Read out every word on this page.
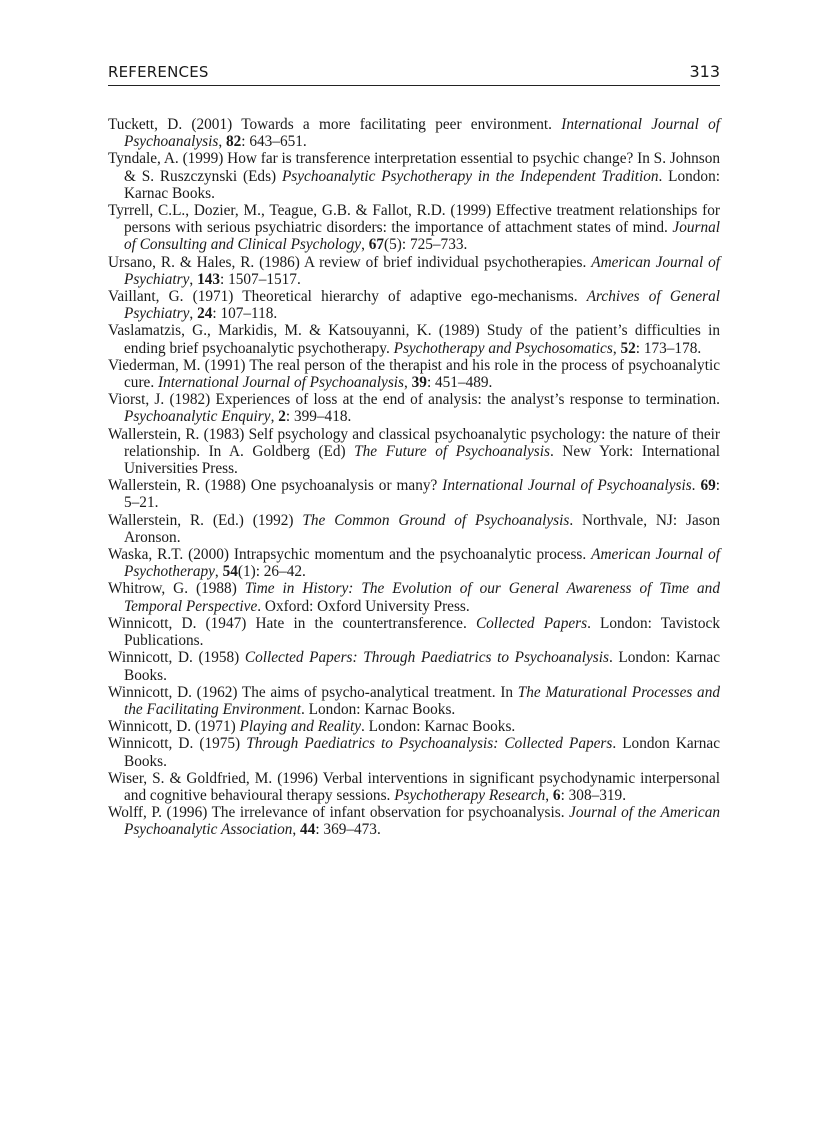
REFERENCES	313

Tuckett, D. (2001) Towards a more facilitating peer environment. International Journal of Psychoanalysis, 82: 643–651.

Tyndale, A. (1999) How far is transference interpretation essential to psychic change? In S. Johnson & S. Ruszczynski (Eds) Psychoanalytic Psychotherapy in the Independent Tradition. London: Karnac Books.

Tyrrell, C.L., Dozier, M., Teague, G.B. & Fallot, R.D. (1999) Effective treatment relationships for persons with serious psychiatric disorders: the importance of attachment states of mind. Journal of Consulting and Clinical Psychology, 67(5): 725–733.

Ursano, R. & Hales, R. (1986) A review of brief individual psychotherapies. American Journal of Psychiatry, 143: 1507–1517.

Vaillant, G. (1971) Theoretical hierarchy of adaptive ego-mechanisms. Archives of General Psychiatry, 24: 107–118.

Vaslamatzis, G., Markidis, M. & Katsouyanni, K. (1989) Study of the patient’s difficulties in ending brief psychoanalytic psychotherapy. Psychotherapy and Psychosomatics, 52: 173–178.

Viederman, M. (1991) The real person of the therapist and his role in the process of psychoanalytic cure. International Journal of Psychoanalysis, 39: 451–489.

Viorst, J. (1982) Experiences of loss at the end of analysis: the analyst’s response to termination. Psychoanalytic Enquiry, 2: 399–418.

Wallerstein, R. (1983) Self psychology and classical psychoanalytic psychology: the nature of their relationship. In A. Goldberg (Ed) The Future of Psychoanalysis. New York: International Universities Press.

Wallerstein, R. (1988) One psychoanalysis or many? International Journal of Psychoanalysis. 69: 5–21.

Wallerstein, R. (Ed.) (1992) The Common Ground of Psychoanalysis. Northvale, NJ: Jason Aronson.

Waska, R.T. (2000) Intrapsychic momentum and the psychoanalytic process. American Journal of Psychotherapy, 54(1): 26–42.

Whitrow, G. (1988) Time in History: The Evolution of our General Awareness of Time and Temporal Perspective. Oxford: Oxford University Press.

Winnicott, D. (1947) Hate in the countertransference. Collected Papers. London: Tavistock Publications.

Winnicott, D. (1958) Collected Papers: Through Paediatrics to Psychoanalysis. London: Karnac Books.

Winnicott, D. (1962) The aims of psycho-analytical treatment. In The Maturational Processes and the Facilitating Environment. London: Karnac Books.

Winnicott, D. (1971) Playing and Reality. London: Karnac Books.

Winnicott, D. (1975) Through Paediatrics to Psychoanalysis: Collected Papers. London Karnac Books.

Wiser, S. & Goldfried, M. (1996) Verbal interventions in significant psychodynamic interpersonal and cognitive behavioural therapy sessions. Psychotherapy Research, 6: 308–319.

Wolff, P. (1996) The irrelevance of infant observation for psychoanalysis. Journal of the American Psychoanalytic Association, 44: 369–473.
